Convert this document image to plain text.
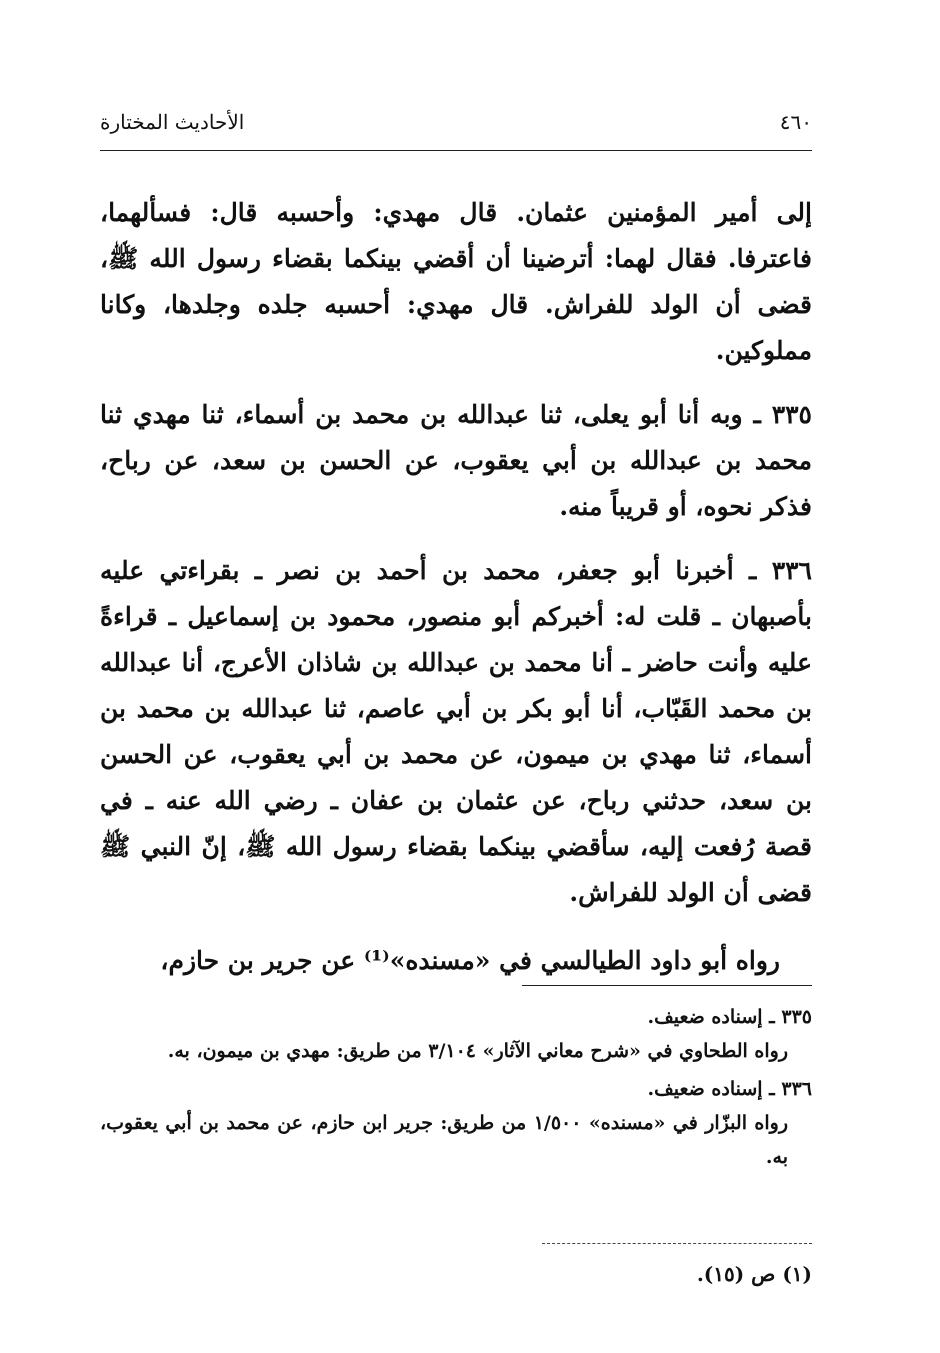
٤٦٠
الأحاديث المختارة

إلى أمير المؤمنين عثمان. قال مهدي: وأحسبه قال: فسألهما، فاعترفا. فقال لهما: أترضينا أن أقضي بينكما بقضاء رسول الله ﷺ، قضى أن الولد للفراش. قال مهدي: أحسبه جلده وجلدها، وكانا مملوكين.

٣٣٥ ـ وبه أنا أبو يعلى، ثنا عبدالله بن محمد بن أسماء، ثنا مهدي ثنا محمد بن عبدالله بن أبي يعقوب، عن الحسن بن سعد، عن رباح، فذكر نحوه، أو قريباً منه.

٣٣٦ ـ أخبرنا أبو جعفر، محمد بن أحمد بن نصر ـ بقراءتي عليه بأصبهان ـ قلت له: أخبركم أبو منصور، محمود بن إسماعيل ـ قراءةً عليه وأنت حاضر ـ أنا محمد بن عبدالله بن شاذان الأعرج، أنا عبدالله بن محمد القَبّاب، أنا أبو بكر بن أبي عاصم، ثنا عبدالله بن محمد بن أسماء، ثنا مهدي بن ميمون، عن محمد بن أبي يعقوب، عن الحسن بن سعد، حدثني رباح، عن عثمان بن عفان ـ رضي الله عنه ـ في قصة رُفعت إليه، سأقضي بينكما بقضاء رسول الله ﷺ، إنّ النبي ﷺ قضى أن الولد للفراش.

رواه أبو داود الطيالسي في «مسنده»⁽¹⁾ عن جرير بن حازم،

٣٣٥ ـ إسناده ضعيف.

رواه الطحاوي في «شرح معاني الآثار» ٣/١٠٤ من طريق: مهدي بن ميمون، به.

٣٣٦ ـ إسناده ضعيف.

رواه البزّار في «مسنده» ١/٥٠٠ من طريق: جرير ابن حازم، عن محمد بن أبي يعقوب، به.

(١) ص (١٥).
